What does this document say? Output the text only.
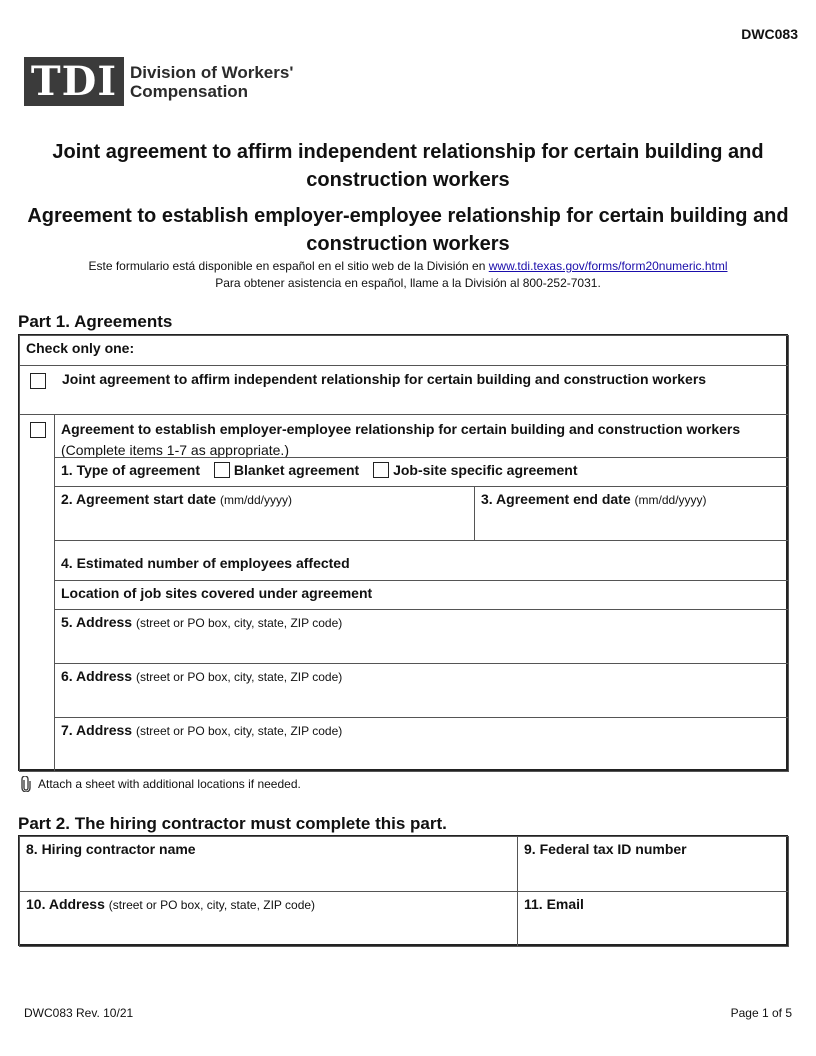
DWC083
TDI Division of Workers'
Compensation
Joint agreement to affirm independent relationship for certain building and construction workers
Agreement to establish employer-employee relationship for certain building and construction workers
Este formulario está disponible en español en el sitio web de la División en www.tdi.texas.gov/forms/form20numeric.html
Para obtener asistencia en español, llame a la División al 800-252-7031.
Part 1. Agreements
Check only one:
Joint agreement to affirm independent relationship for certain building and construction workers
Agreement to establish employer-employee relationship for certain building and construction workers (Complete items 1-7 as appropriate.)
1. Type of agreement Blanket agreement Job-site specific agreement
2. Agreement start date (mm/dd/yyyy)	3. Agreement end date (mm/dd/yyyy)
4. Estimated number of employees affected
Location of job sites covered under agreement
5. Address (street or PO box, city, state, ZIP code)
6. Address (street or PO box, city, state, ZIP code)
7. Address (street or PO box, city, state, ZIP code)
Attach a sheet with additional locations if needed.
Part 2. The hiring contractor must complete this part.
8. Hiring contractor name	9. Federal tax ID number
10. Address (street or PO box, city, state, ZIP code)	11. Email
DWC083 Rev. 10/21	Page 1 of 5
